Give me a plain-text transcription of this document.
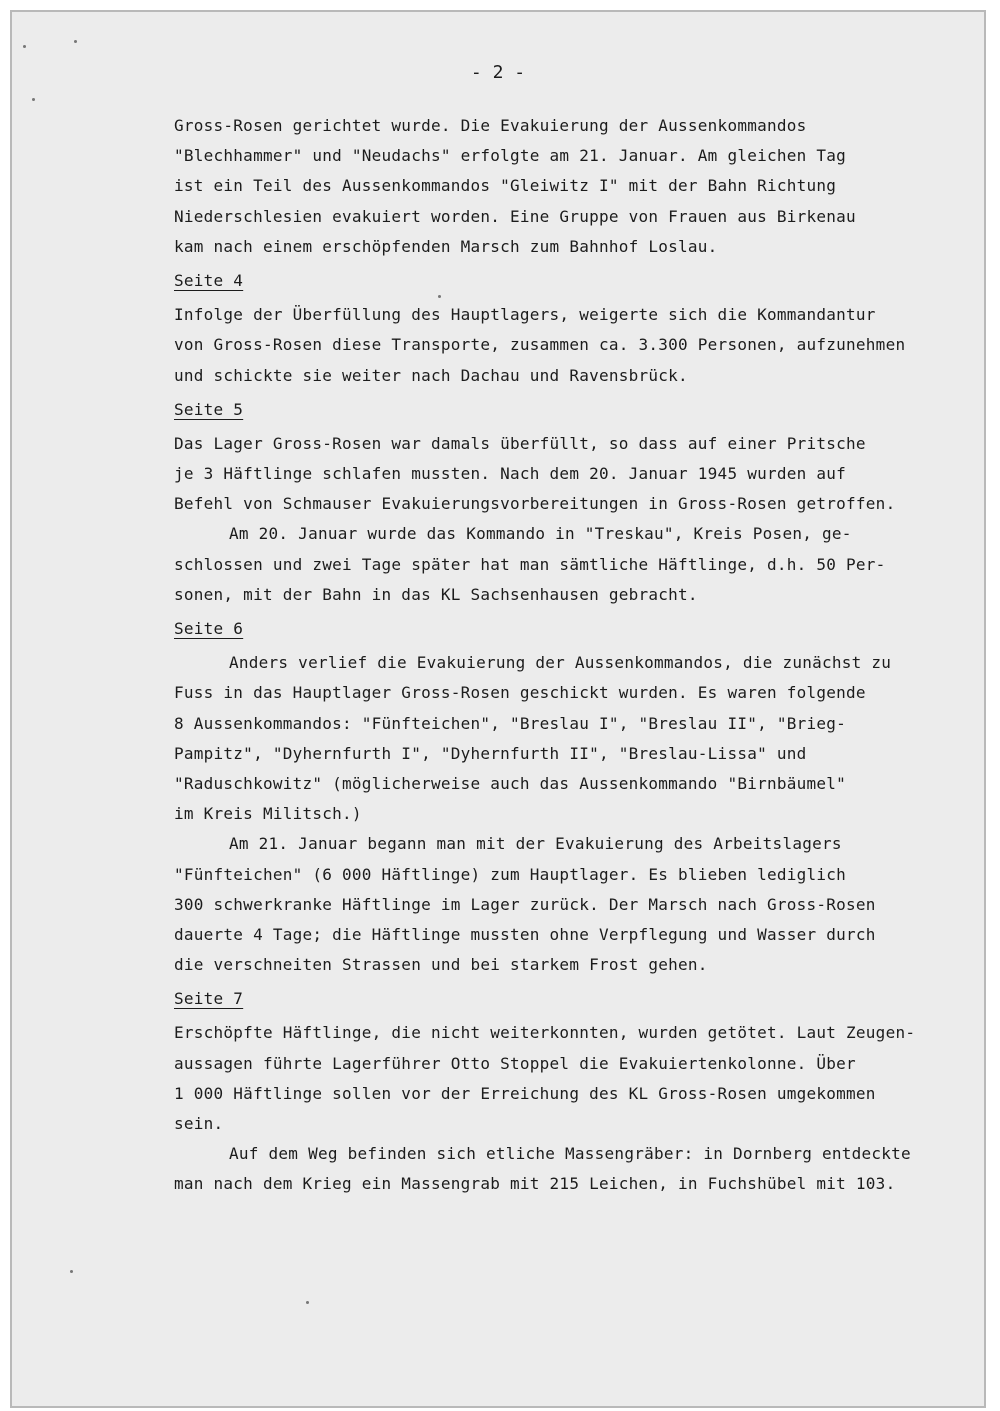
- 2 -

Gross-Rosen gerichtet wurde. Die Evakuierung der Aussenkommandos
"Blechhammer" und "Neudachs" erfolgte am 21. Januar. Am gleichen Tag
ist ein Teil des Aussenkommandos "Gleiwitz I" mit der Bahn Richtung
Niederschlesien evakuiert worden. Eine Gruppe von Frauen aus Birkenau
kam nach einem erschöpfenden Marsch zum Bahnhof Loslau.
Seite 4
Infolge der Überfüllung des Hauptlagers, weigerte sich die Kommandantur
von Gross-Rosen diese Transporte, zusammen ca. 3.300 Personen, aufzunehmen
und schickte sie weiter nach Dachau und Ravensbrück.
Seite 5
Das Lager Gross-Rosen war damals überfüllt, so dass auf einer Pritsche
je 3 Häftlinge schlafen mussten. Nach dem 20. Januar 1945 wurden auf
Befehl von Schmauser Evakuierungsvorbereitungen in Gross-Rosen getroffen.
Am 20. Januar wurde das Kommando in "Treskau", Kreis Posen, ge-
schlossen und zwei Tage später hat man sämtliche Häftlinge, d.h. 50 Per-
sonen, mit der Bahn in das KL Sachsenhausen gebracht.
Seite 6
Anders verlief die Evakuierung der Aussenkommandos, die zunächst zu
Fuss in das Hauptlager Gross-Rosen geschickt wurden. Es waren folgende
8 Aussenkommandos: "Fünfteichen", "Breslau I", "Breslau II", "Brieg-
Pampitz", "Dyhernfurth I", "Dyhernfurth II", "Breslau-Lissa" und
"Raduschkowitz" (möglicherweise auch das Aussenkommando "Birnbäumel"
im Kreis Militsch.)
Am 21. Januar begann man mit der Evakuierung des Arbeitslagers
"Fünfteichen" (6 000 Häftlinge) zum Hauptlager. Es blieben lediglich
300 schwerkranke Häftlinge im Lager zurück. Der Marsch nach Gross-Rosen
dauerte 4 Tage; die Häftlinge mussten ohne Verpflegung und Wasser durch
die verschneiten Strassen und bei starkem Frost gehen.
Seite 7
Erschöpfte Häftlinge, die nicht weiterkonnten, wurden getötet. Laut Zeugen-
aussagen führte Lagerführer Otto Stoppel die Evakuiertenkolonne. Über
1 000 Häftlinge sollen vor der Erreichung des KL Gross-Rosen umgekommen
sein.
Auf dem Weg befinden sich etliche Massengräber: in Dornberg entdeckte
man nach dem Krieg ein Massengrab mit 215 Leichen, in Fuchshübel mit 103.
